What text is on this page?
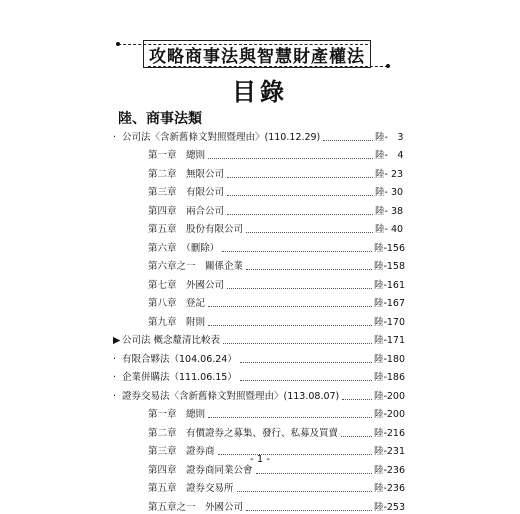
攻略商事法與智慧財產權法
目錄
陸、商事法類
‧ 公司法〈含新舊條文對照暨理由〉(110.12.29)	陸-　3
第一章　總則	陸-　4
第二章　無限公司	陸- 23
第三章　有限公司	陸- 30
第四章　兩合公司	陸- 38
第五章　股份有限公司	陸- 40
第六章　（刪除）	陸-156
第六章之一　關係企業	陸-158
第七章　外國公司	陸-161
第八章　登記	陸-167
第九章　附則	陸-170
▶ 公司法 概念釐清比較表	陸-171
‧ 有限合夥法（104.06.24）	陸-180
‧ 企業併購法（111.06.15）	陸-186
‧ 證券交易法〈含新舊條文對照暨理由〉(113.08.07)	陸-200
第一章　總則	陸-200
第二章　有價證券之募集、發行、私募及買賣	陸-216
第三章　證券商	陸-231
第四章　證券商同業公會	陸-236
第五章　證券交易所	陸-236
第五章之一　外國公司	陸-253
- 1 -
